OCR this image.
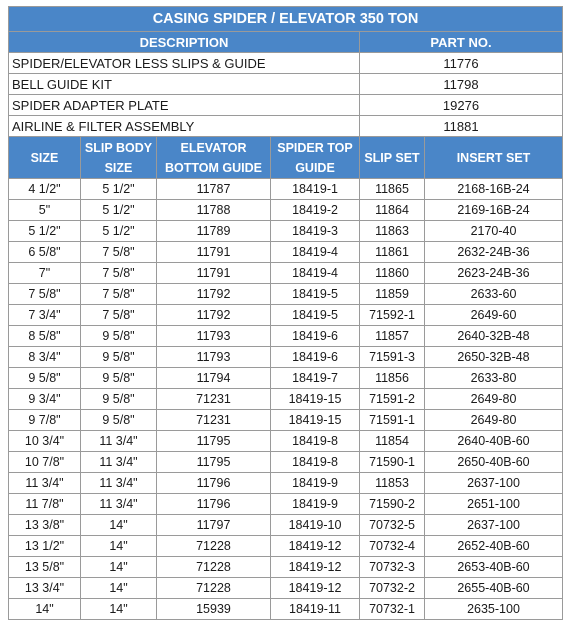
CASING SPIDER / ELEVATOR 350 TON					
DESCRIPTION				PART NO.	
SPIDER/ELEVATOR LESS SLIPS & GUIDE				11776	
BELL GUIDE KIT				11798	
SPIDER ADAPTER PLATE				19276	
AIRLINE & FILTER ASSEMBLY				11881	
SIZE	SLIP BODY SIZE	ELEVATOR BOTTOM GUIDE	SPIDER TOP GUIDE	SLIP SET	INSERT SET
4 1/2"	5 1/2"	11787	18419-1	11865	2168-16B-24
5"	5 1/2"	11788	18419-2	11864	2169-16B-24
5 1/2"	5 1/2"	11789	18419-3	11863	2170-40
6 5/8"	7 5/8"	11791	18419-4	11861	2632-24B-36
7"	7 5/8"	11791	18419-4	11860	2623-24B-36
7 5/8"	7 5/8"	11792	18419-5	11859	2633-60
7 3/4"	7 5/8"	11792	18419-5	71592-1	2649-60
8 5/8"	9 5/8"	11793	18419-6	11857	2640-32B-48
8 3/4"	9 5/8"	11793	18419-6	71591-3	2650-32B-48
9 5/8"	9 5/8"	11794	18419-7	11856	2633-80
9 3/4"	9 5/8"	71231	18419-15	71591-2	2649-80
9 7/8"	9 5/8"	71231	18419-15	71591-1	2649-80
10 3/4"	11 3/4"	11795	18419-8	11854	2640-40B-60
10 7/8"	11 3/4"	11795	18419-8	71590-1	2650-40B-60
11 3/4"	11 3/4"	11796	18419-9	11853	2637-100
11 7/8"	11 3/4"	11796	18419-9	71590-2	2651-100
13 3/8"	14"	11797	18419-10	70732-5	2637-100
13 1/2"	14"	71228	18419-12	70732-4	2652-40B-60
13 5/8"	14"	71228	18419-12	70732-3	2653-40B-60
13 3/4"	14"	71228	18419-12	70732-2	2655-40B-60
14"	14"	15939	18419-11	70732-1	2635-100
